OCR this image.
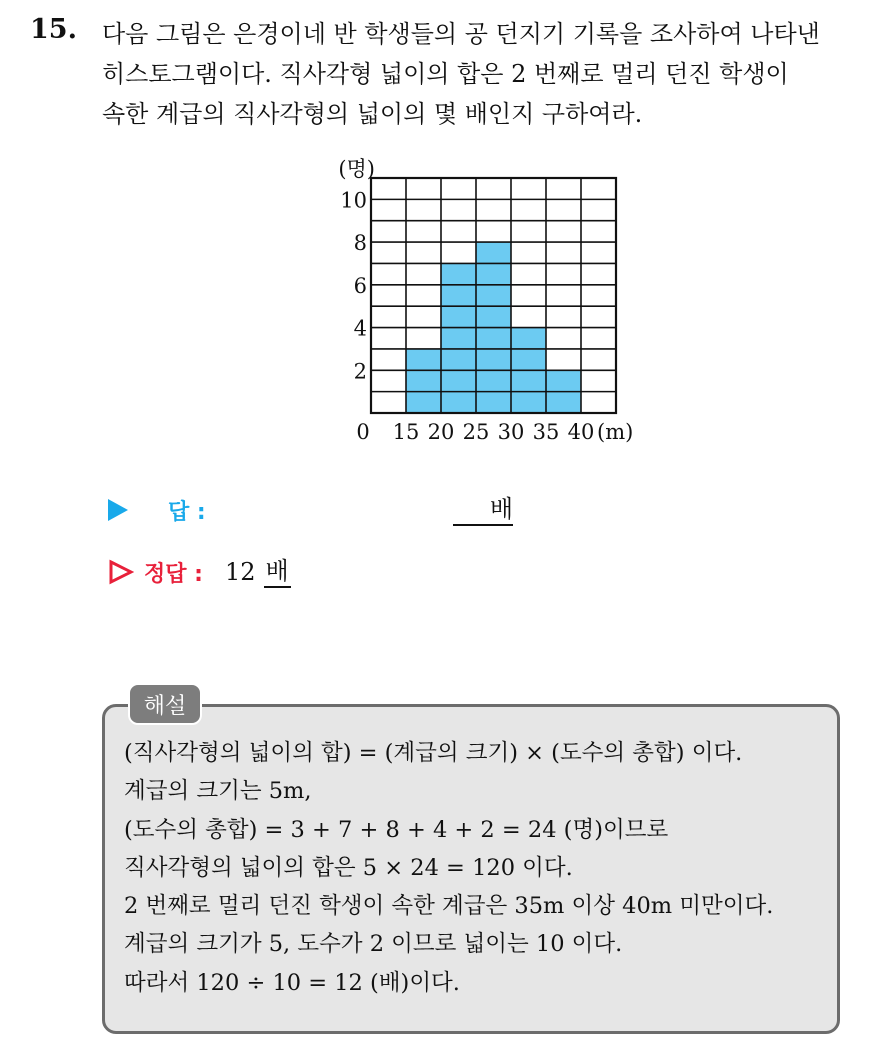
15. 다음 그림은 은경이네 반 학생들의 공 던지기 기록을 조사하여 나타낸
히스토그램이다. 직사각형 넓이의 합은 2 번째로 멀리 던진 학생이
속한 계급의 직사각형의 넓이의 몇 배인지 구하여라.

2
4
6
8
10
(명)
0 15 20 25 30 35 40 (m)
답 :	배
정답 : 12 배
해설

(직사각형의 넓이의 합) = (계급의 크기) × (도수의 총합) 이다.
계급의 크기는 5m,
(도수의 총합) = 3 + 7 + 8 + 4 + 2 = 24 (명)이므로
직사각형의 넓이의 합은 5 × 24 = 120 이다.
2 번째로 멀리 던진 학생이 속한 계급은 35m 이상 40m 미만이다.
계급의 크기가 5, 도수가 2 이므로 넓이는 10 이다.
따라서 120 ÷ 10 = 12 (배)이다.
